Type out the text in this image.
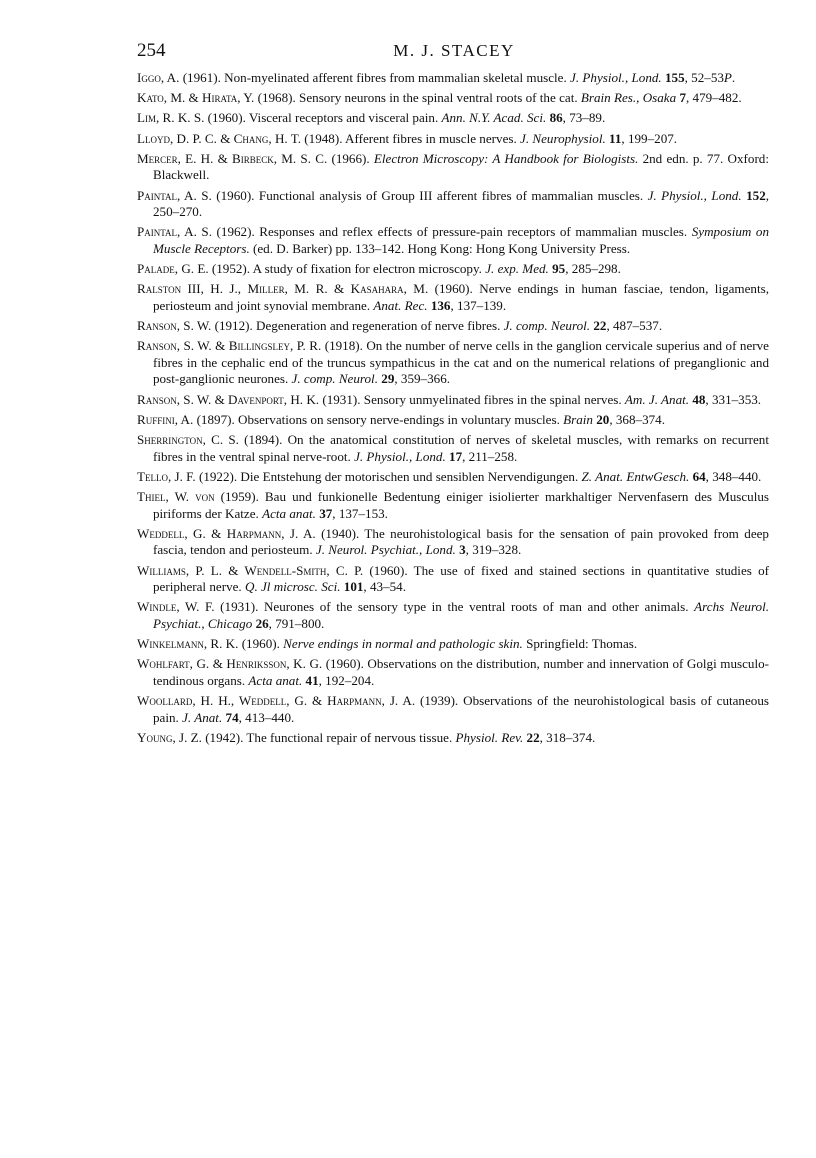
254	M. J. STACEY

Iggo, A. (1961). Non-myelinated afferent fibres from mammalian skeletal muscle. J. Physiol., Lond. 155, 52–53P.

Kato, M. & Hirata, Y. (1968). Sensory neurons in the spinal ventral roots of the cat. Brain Res., Osaka 7, 479–482.

Lim, R. K. S. (1960). Visceral receptors and visceral pain. Ann. N.Y. Acad. Sci. 86, 73–89.

Lloyd, D. P. C. & Chang, H. T. (1948). Afferent fibres in muscle nerves. J. Neurophysiol. 11, 199–207.

Mercer, E. H. & Birbeck, M. S. C. (1966). Electron Microscopy: A Handbook for Biologists. 2nd edn. p. 77. Oxford: Blackwell.

Paintal, A. S. (1960). Functional analysis of Group III afferent fibres of mammalian muscles. J. Physiol., Lond. 152, 250–270.

Paintal, A. S. (1962). Responses and reflex effects of pressure-pain receptors of mammalian muscles. Symposium on Muscle Receptors. (ed. D. Barker) pp. 133–142. Hong Kong: Hong Kong University Press.

Palade, G. E. (1952). A study of fixation for electron microscopy. J. exp. Med. 95, 285–298.

Ralston III, H. J., Miller, M. R. & Kasahara, M. (1960). Nerve endings in human fasciae, tendon, ligaments, periosteum and joint synovial membrane. Anat. Rec. 136, 137–139.

Ranson, S. W. (1912). Degeneration and regeneration of nerve fibres. J. comp. Neurol. 22, 487–537.

Ranson, S. W. & Billingsley, P. R. (1918). On the number of nerve cells in the ganglion cervicale superius and of nerve fibres in the cephalic end of the truncus sympathicus in the cat and on the numerical relations of preganglionic and post-ganglionic neurones. J. comp. Neurol. 29, 359–366.

Ranson, S. W. & Davenport, H. K. (1931). Sensory unmyelinated fibres in the spinal nerves. Am. J. Anat. 48, 331–353.

Ruffini, A. (1897). Observations on sensory nerve-endings in voluntary muscles. Brain 20, 368–374.

Sherrington, C. S. (1894). On the anatomical constitution of nerves of skeletal muscles, with remarks on recurrent fibres in the ventral spinal nerve-root. J. Physiol., Lond. 17, 211–258.

Tello, J. F. (1922). Die Entstehung der motorischen und sensiblen Nervendigungen. Z. Anat. EntwGesch. 64, 348–440.

Thiel, W. von (1959). Bau und funkionelle Bedentung einiger isiolierter markhaltiger Nervenfasern des Musculus piriforms der Katze. Acta anat. 37, 137–153.

Weddell, G. & Harpmann, J. A. (1940). The neurohistological basis for the sensation of pain provoked from deep fascia, tendon and periosteum. J. Neurol. Psychiat., Lond. 3, 319–328.

Williams, P. L. & Wendell-Smith, C. P. (1960). The use of fixed and stained sections in quantitative studies of peripheral nerve. Q. Jl microsc. Sci. 101, 43–54.

Windle, W. F. (1931). Neurones of the sensory type in the ventral roots of man and other animals. Archs Neurol. Psychiat., Chicago 26, 791–800.

Winkelmann, R. K. (1960). Nerve endings in normal and pathologic skin. Springfield: Thomas.

Wohlfart, G. & Henriksson, K. G. (1960). Observations on the distribution, number and innervation of Golgi musculo-tendinous organs. Acta anat. 41, 192–204.

Woollard, H. H., Weddell, G. & Harpmann, J. A. (1939). Observations of the neurohistological basis of cutaneous pain. J. Anat. 74, 413–440.

Young, J. Z. (1942). The functional repair of nervous tissue. Physiol. Rev. 22, 318–374.
